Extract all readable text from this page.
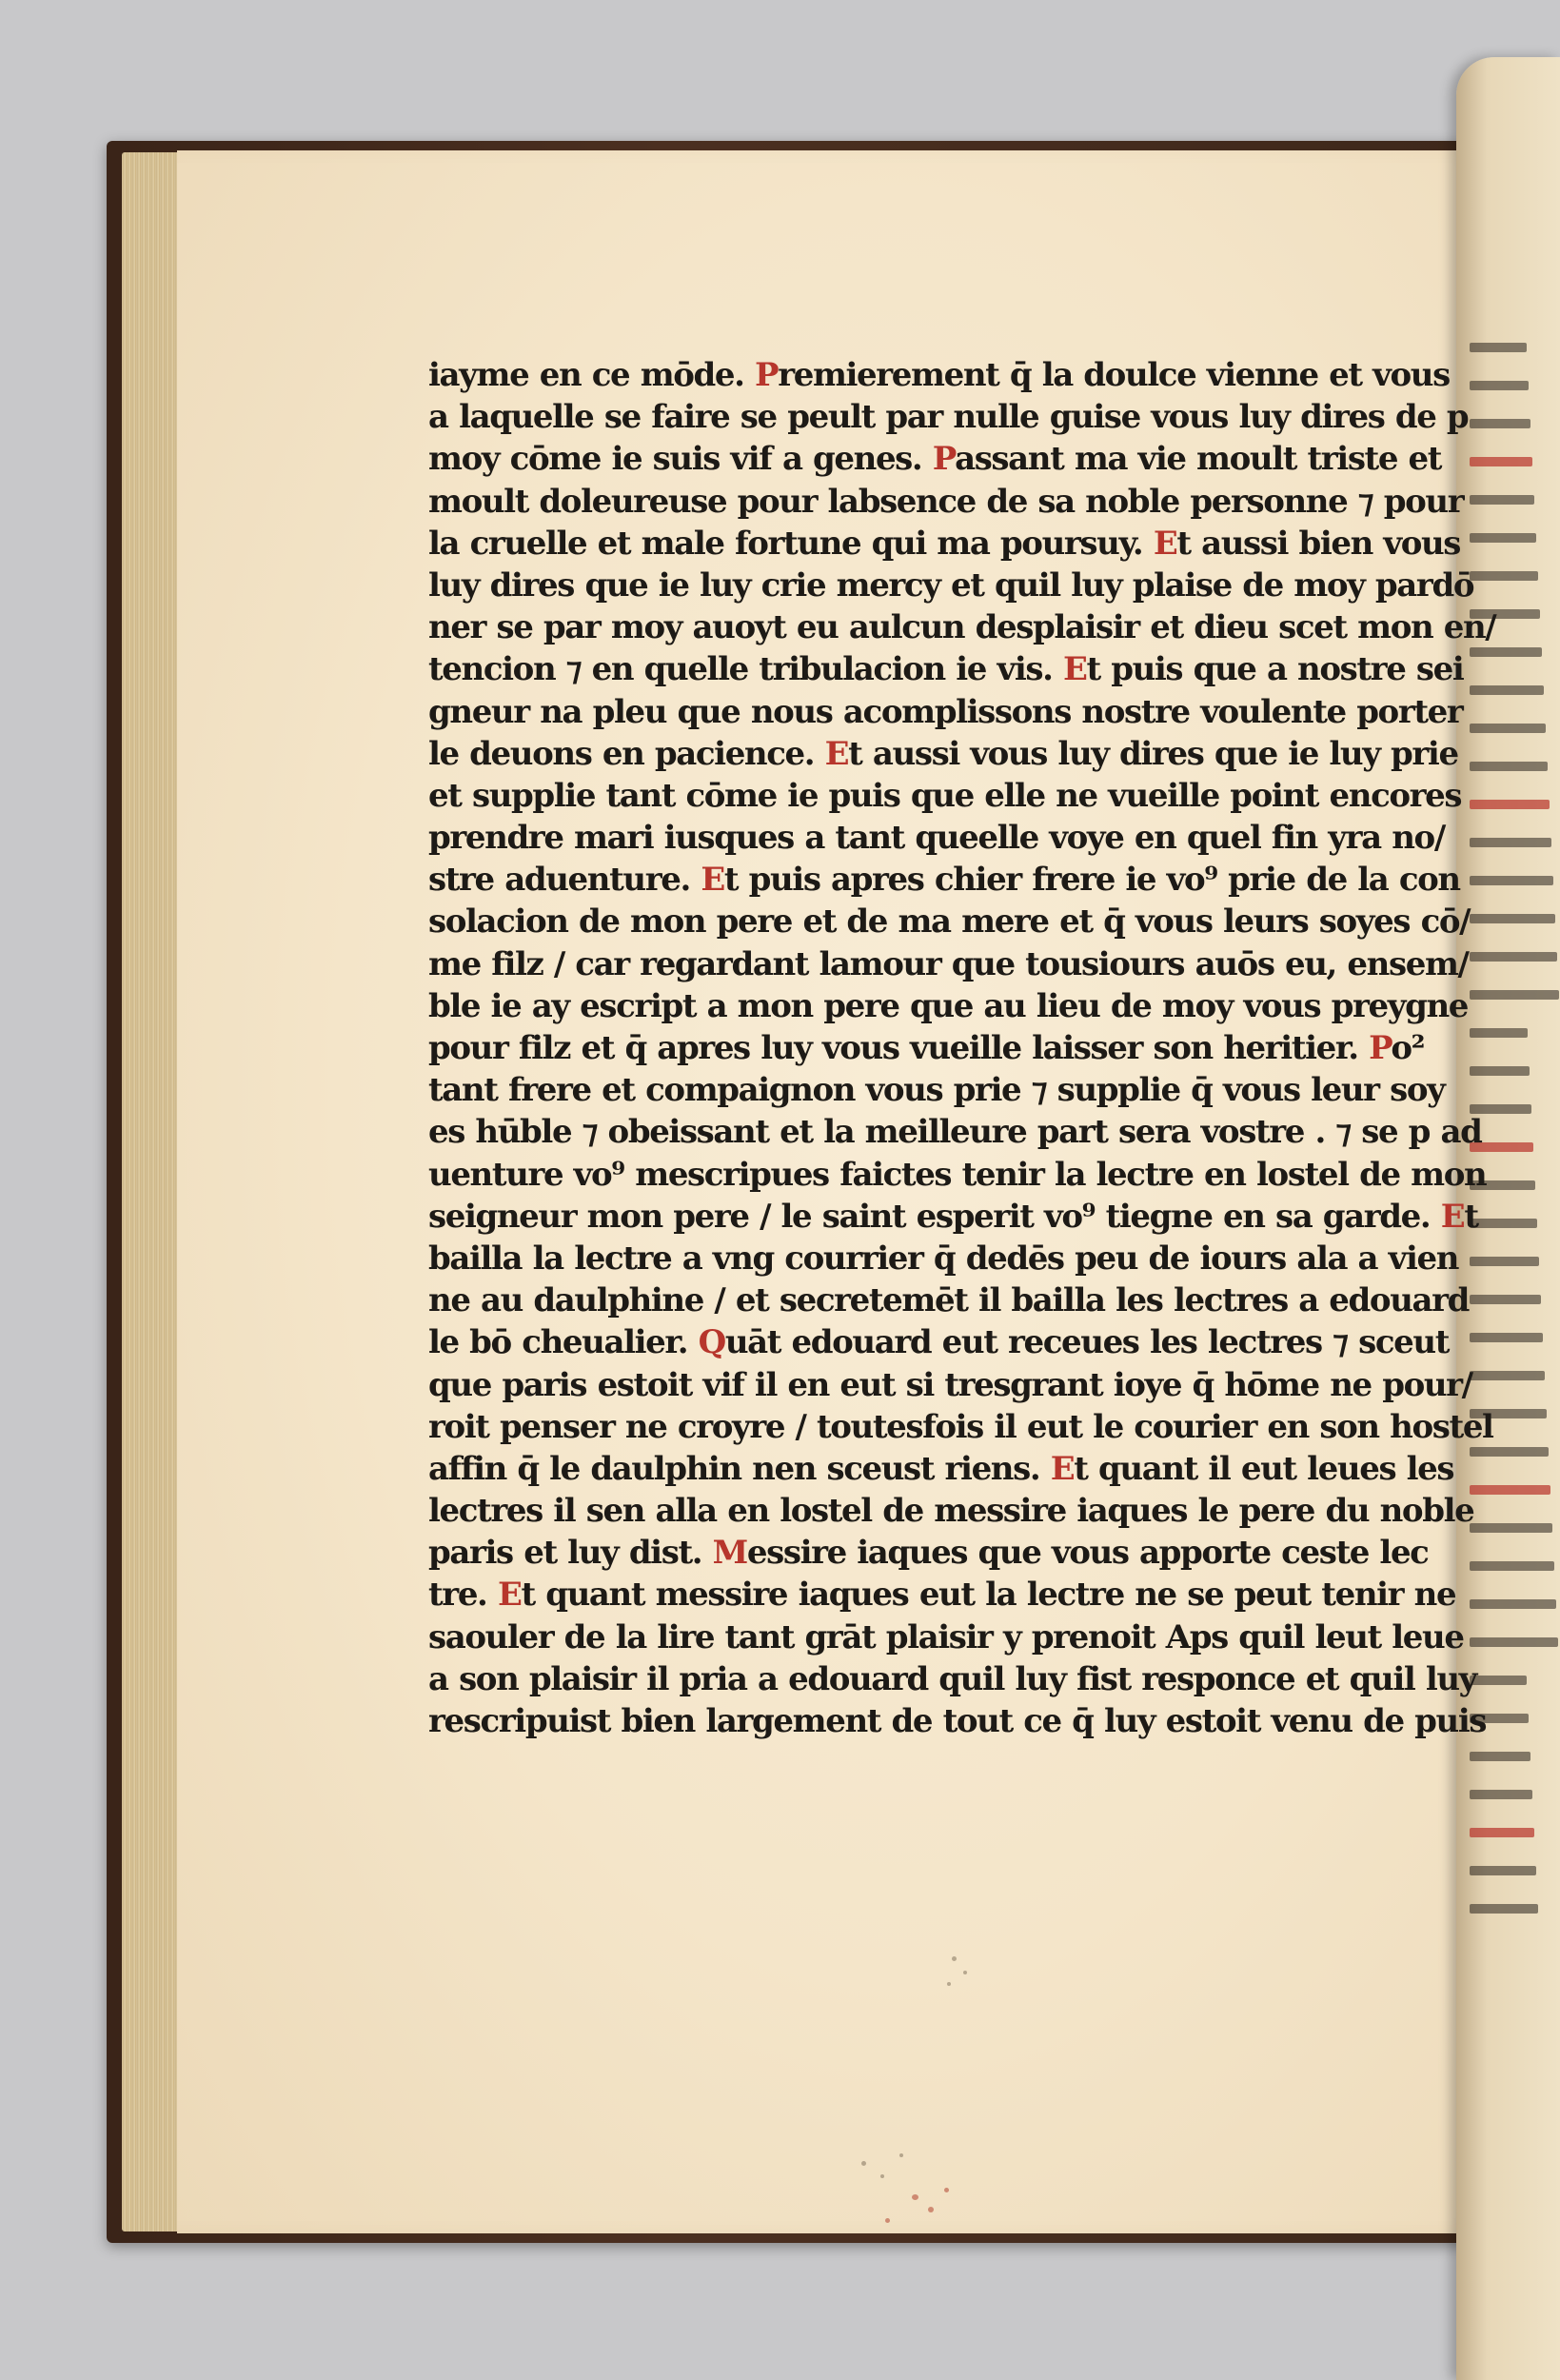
iayme en ce mōde. Premierement q̄ la doulce vienne et vous
a laquelle se faire se peult par nulle guise vous luy dires de p
moy cōme ie suis vif a genes. Passant ma vie moult triste et
moult doleureuse pour labsence de sa noble personne ⁊ pour
la cruelle et male fortune qui ma poursuy. Et aussi bien vous
luy dires que ie luy crie mercy et quil luy plaise de moy pardō
ner se par moy auoyt eu aulcun desplaisir et dieu scet mon en/
tencion ⁊ en quelle tribulacion ie vis. Et puis que a nostre sei
gneur na pleu que nous acomplissons nostre voulente porter
le deuons en pacience. Et aussi vous luy dires que ie luy prie
et supplie tant cōme ie puis que elle ne vueille point encores
prendre mari iusques a tant queelle voye en quel fin yra no/
stre aduenture. Et puis apres chier frere ie vo⁹ prie de la con
solacion de mon pere et de ma mere et q̄ vous leurs soyes cō/
me filz / car regardant lamour que tousiours auōs eu, ensem/
ble ie ay escript a mon pere que au lieu de moy vous preygne
pour filz et q̄ apres luy vous vueille laisser son heritier. Po²
tant frere et compaignon vous prie ⁊ supplie q̄ vous leur soy
es hūble ⁊ obeissant et la meilleure part sera vostre . ⁊ se p ad
uenture vo⁹ mescripues faictes tenir la lectre en lostel de mon
seigneur mon pere / le saint esperit vo⁹ tiegne en sa garde. Et
bailla la lectre a vng courrier q̄ dedēs peu de iours ala a vien
ne au daulphine / et secretemēt il bailla les lectres a edouard
le bō cheualier. Quāt edouard eut receues les lectres ⁊ sceut
que paris estoit vif il en eut si tresgrant ioye q̄ hōme ne pour/
roit penser ne croyre / toutesfois il eut le courier en son hostel
affin q̄ le daulphin nen sceust riens. Et quant il eut leues les
lectres il sen alla en lostel de messire iaques le pere du noble
paris et luy dist. Messire iaques que vous apporte ceste lec
tre. Et quant messire iaques eut la lectre ne se peut tenir ne
saouler de la lire tant grāt plaisir y prenoit Aps quil leut leue
a son plaisir il pria a edouard quil luy fist responce et quil luy
rescripuist bien largement de tout ce q̄ luy estoit venu de puis
